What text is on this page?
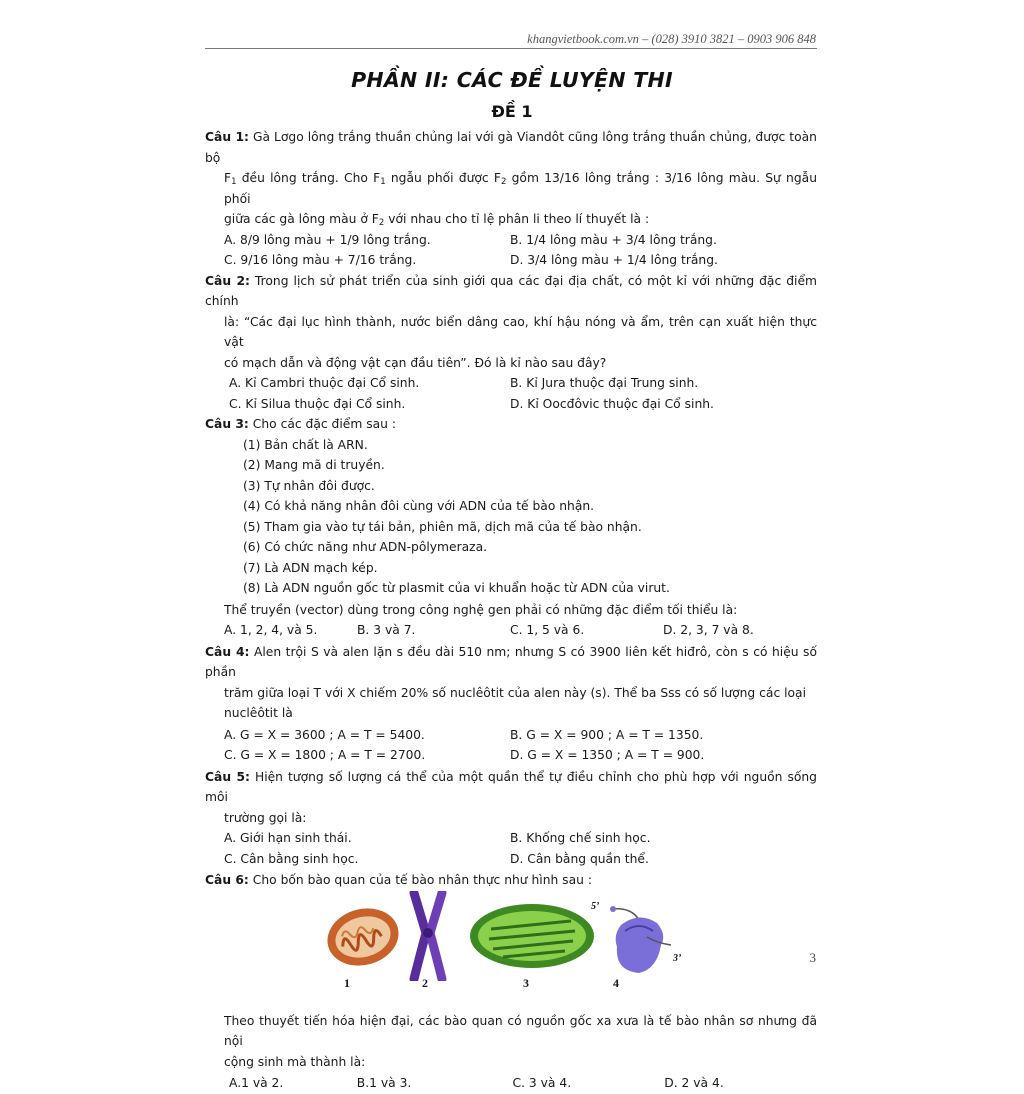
khangvietbook.com.vn – (028) 3910 3821 – 0903 906 848
PHẦN II: CÁC ĐỀ LUYỆN THI
ĐỀ 1

Câu 1: Gà Lơgo lông trắng thuần chủng lai với gà Viandôt cũng lông trắng thuần chủng, được toàn bộ

$F_1$ đều lông trắng. Cho $F_1$ ngẫu phối được $F_2$ gồm 13/16 lông trắng : 3/16 lông màu. Sự ngẫu phối

giữa các gà lông màu ở $F_2$ với nhau cho tỉ lệ phân li theo lí thuyết là :

A. 8/9 lông màu + 1/9 lông trắng.	B. 1/4 lông màu + 3/4 lông trắng.
C. 9/16 lông màu + 7/16 trắng.	D. 3/4 lông màu + 1/4 lông trắng.

Câu 2: Trong lịch sử phát triển của sinh giới qua các đại địa chất, có một kỉ với những đặc điểm chính

là: “Các đại lục hình thành, nước biển dâng cao, khí hậu nóng và ẩm, trên cạn xuất hiện thực vật

có mạch dẫn và động vật cạn đầu tiên”. Đó là kỉ nào sau đây?

A. Kỉ Cambri thuộc đại Cổ sinh.	B. Kỉ Jura thuộc đại Trung sinh.
C. Kỉ Silua thuộc đại Cổ sinh.	D. Kỉ Oocđôvic thuộc đại Cổ sinh.

Câu 3: Cho các đặc điểm sau :

(1) Bản chất là ARN.
(2) Mang mã di truyền.
(3) Tự nhân đôi được.
(4) Có khả năng nhân đôi cùng với ADN của tế bào nhận.
(5) Tham gia vào tự tái bản, phiên mã, dịch mã của tế bào nhận.
(6) Có chức năng như ADN-pôlymeraza.
(7) Là ADN mạch kép.
(8) Là ADN nguồn gốc từ plasmit của vi khuẩn hoặc từ ADN của virut.

Thể truyền (vector) dùng trong công nghệ gen phải có những đặc điểm tối thiểu là:

A. 1, 2, 4, và 5.	B. 3 và 7.	C. 1, 5 và 6.	D. 2, 3, 7 và 8.

Câu 4: Alen trội S và alen lặn s đều dài 510 nm; nhưng S có 3900 liên kết hiđrô, còn s có hiệu số phần

trăm giữa loại T với X chiếm 20% số nuclêôtit của alen này (s). Thể ba Sss có số lượng các loại

nuclêôtit là

A. G = X = 3600 ; A = T = 5400.	B. G = X = 900 ; A = T = 1350.
C. G = X = 1800 ; A = T = 2700.	D. G = X = 1350 ; A = T = 900.

Câu 5: Hiện tượng số lượng cá thể của một quần thể tự điều chỉnh cho phù hợp với nguồn sống môi

trường gọi là:

A. Giới hạn sinh thái.	B. Khống chế sinh học.
C. Cân bằng sinh học.	D. Cân bằng quần thể.

Câu 6: Cho bốn bào quan của tế bào nhân thực như hình sau :

1	2	3
5’
3’
4

Theo thuyết tiến hóa hiện đại, các bào quan có nguồn gốc xa xưa là tế bào nhân sơ nhưng đã nội

cộng sinh mà thành là:

A.1 và 2.	B.1 và 3.	C. 3 và 4.	D. 2 và 4.
3
